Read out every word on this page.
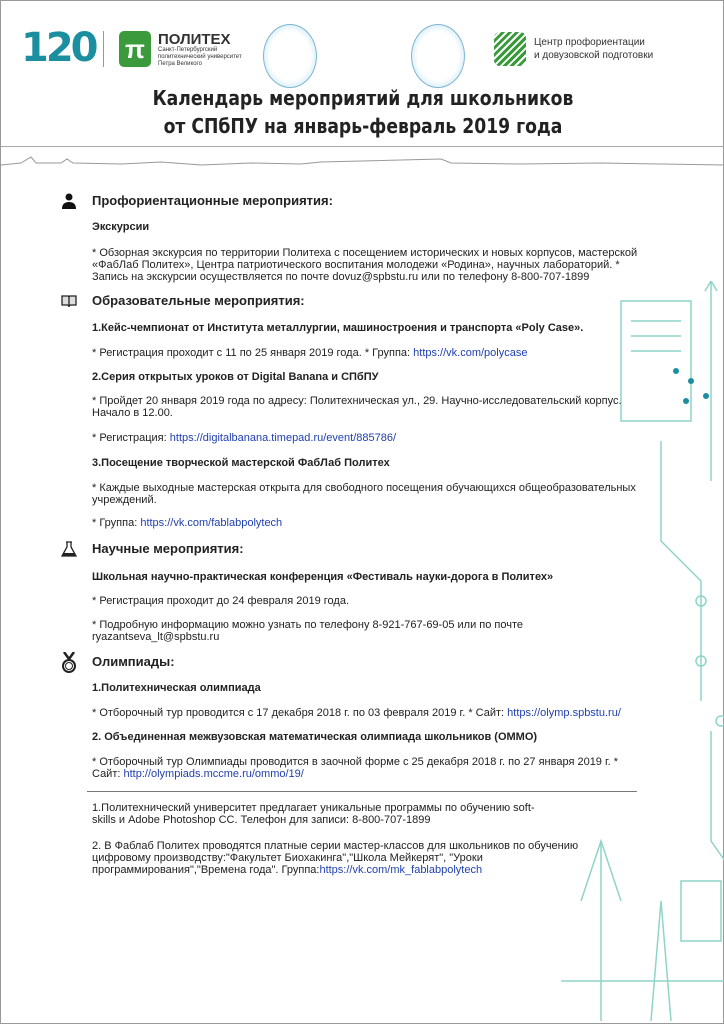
120 π ПОЛИТЕХ
Санкт-Петербургский
политехнический университет
Петра Великого
Центр профориентации
и довузовской подготовки
Календарь мероприятий для школьников
от СПбПУ на январь-февраль 2019 года
Профориентационные мероприятия:
Экскурсии
* Обзорная экскурсия по территории Политеха с посещением исторических и новых корпусов, мастерской
«ФабЛаб Политех», Центра патриотического воспитания молодежи «Родина», научных лабораторий. *
Запись на экскурсии осуществляется по почте dovuz@spbstu.ru или по телефону 8-800-707-1899
Образовательные мероприятия:
1.Кейс-чемпионат от Института металлургии, машиностроения и транспорта «Poly Case».
* Регистрация проходит с 11 по 25 января 2019 года. * Группа: https://vk.com/polycase
2.Серия открытых уроков от Digital Banana и СПбПУ
* Пройдет 20 января 2019 года по адресу: Политехническая ул., 29. Научно-исследовательский корпус.
Начало в 12.00.
* Регистрация: https://digitalbanana.timepad.ru/event/885786/
3.Посещение творческой мастерской ФабЛаб Политех
* Каждые выходные мастерская открыта для свободного посещения обучающихся общеобразовательных
учреждений.
* Группа: https://vk.com/fablabpolytech
Научные мероприятия:
Школьная научно-практическая конференция «Фестиваль науки-дорога в Политех»
* Регистрация проходит до 24 февраля 2019 года.
* Подробную информацию можно узнать по телефону 8-921-767-69-05 или по почте
ryazantseva_lt@spbstu.ru
Олимпиады:
1.Политехническая олимпиада
* Отборочный тур проводится с 17 декабря 2018 г. по 03 февраля 2019 г. * Сайт: https://olymp.spbstu.ru/
2. Объединенная межвузовская математическая олимпиада школьников (ОММО)
* Отборочный тур Олимпиады проводится в заочной форме с 25 декабря 2018 г. по 27 января 2019 г. *
Сайт: http://olympiads.mccme.ru/ommo/19/
1.Политехнический университет предлагает уникальные программы по обучению soft-
skills и Adobe Photoshop CC. Телефон для записи: 8-800-707-1899
2. В Фаблаб Политех проводятся платные серии мастер-классов для школьников по обучению
цифровому производству:"Факультет Биохакинга","Школа Мейкерят", "Уроки
программирования","Времена года". Группа:https://vk.com/mk_fablabpolytech
